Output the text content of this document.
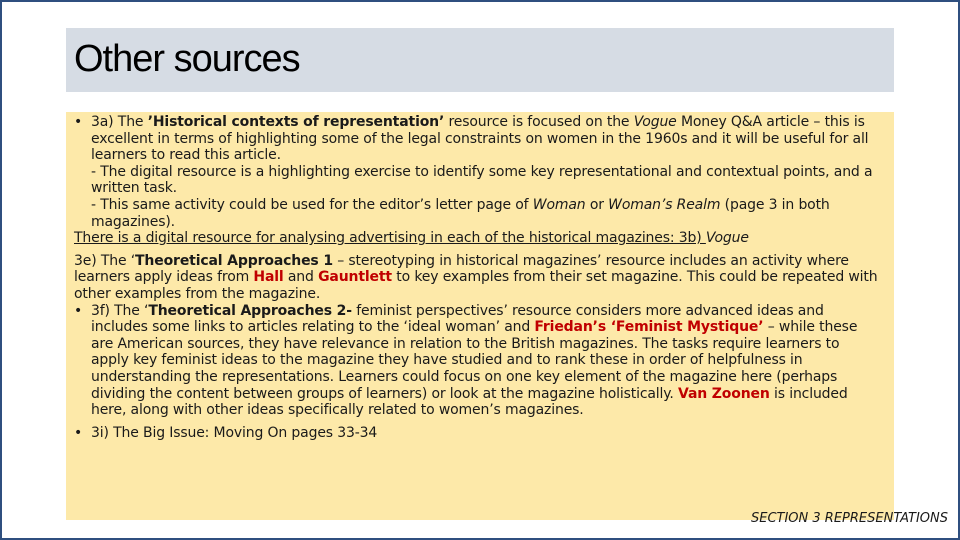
Other sources
• 3a) The ’Historical contexts of representation’ resource is focused on the Vogue Money Q&A article – this is excellent in terms of highlighting some of the legal constraints on women in the 1960s and it will be useful for all learners to read this article.
- The digital resource is a highlighting exercise to identify some key representational and contextual points, and a written task.
- This same activity could be used for the editor’s letter page of Woman or Woman’s Realm (page 3 in both magazines).

There is a digital resource for analysing advertising in each of the historical magazines: 3b) Vogue

3e) The ‘Theoretical Approaches 1 – stereotyping in historical magazines’ resource includes an activity where learners apply ideas from Hall and Gauntlett to key examples from their set magazine. This could be repeated with other examples from the magazine.

• 3f) The ‘Theoretical Approaches 2- feminist perspectives’ resource considers more advanced ideas and includes some links to articles relating to the ‘ideal woman’ and Friedan’s ‘Feminist Mystique’ – while these are American sources, they have relevance in relation to the British magazines. The tasks require learners to apply key feminist ideas to the magazine they have studied and to rank these in order of helpfulness in understanding the representations. Learners could focus on one key element of the magazine here (perhaps dividing the content between groups of learners) or look at the magazine holistically. Van Zoonen is included here, along with other ideas specifically related to women’s magazines.
• 3i) The Big Issue: Moving On pages 33-34
SECTION 3 REPRESENTATIONS
